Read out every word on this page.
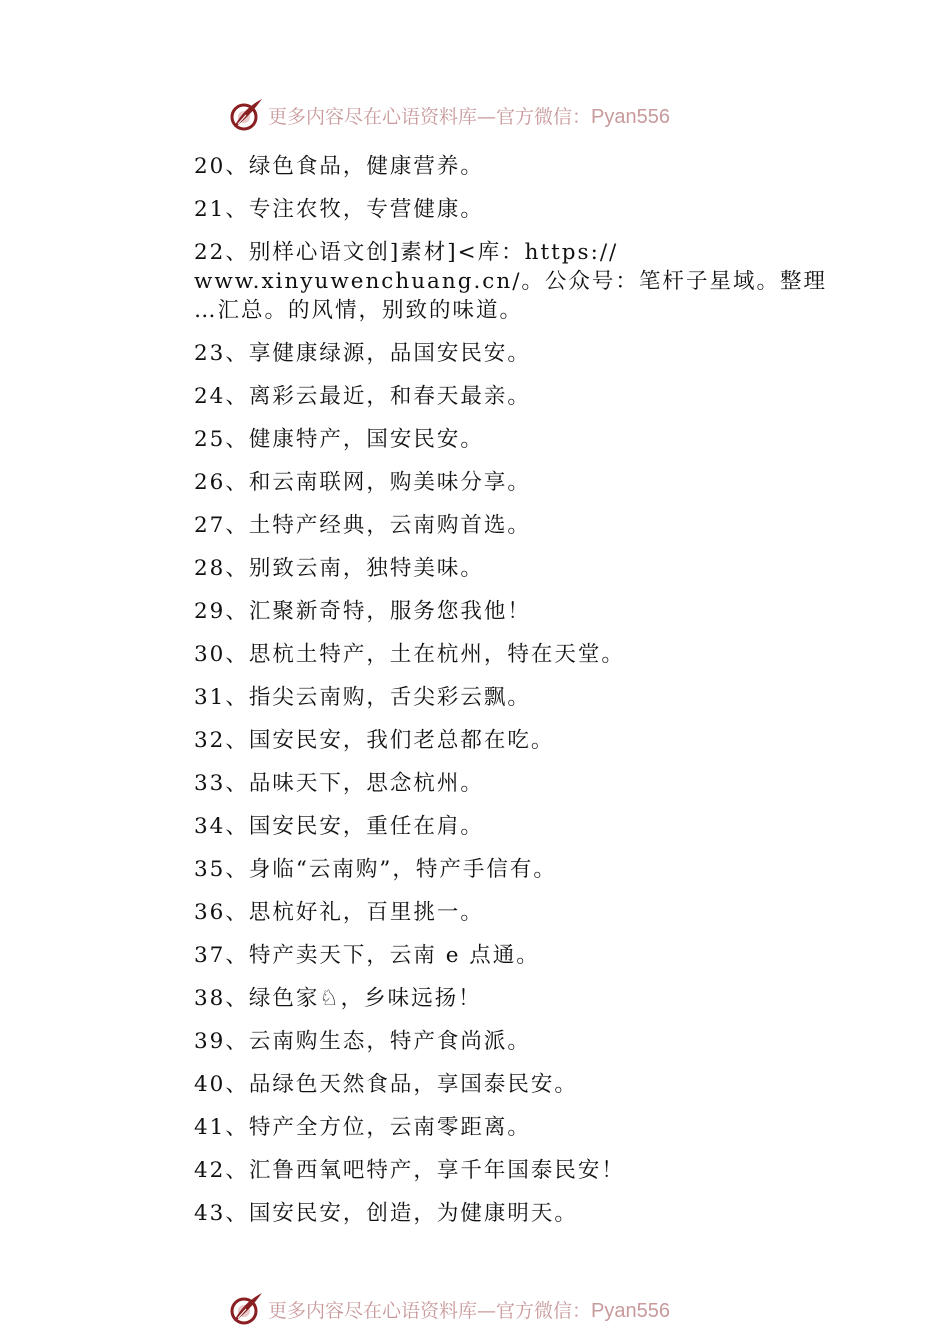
更多内容尽在心语资料库—官方微信：Pyan556
20、绿色食品，健康营养。
21、专注农牧，专营健康。
22、别样心语文创]素材]<库：https://
www.xinyuwenchuang.cn/。公众号：笔杆子星域。整理
…汇总。的风情，别致的味道。
23、享健康绿源，品国安民安。
24、离彩云最近，和春天最亲。
25、健康特产，国安民安。
26、和云南联网，购美味分享。
27、土特产经典，云南购首选。
28、别致云南，独特美味。
29、汇聚新奇特，服务您我他！
30、思杭土特产，土在杭州，特在天堂。
31、指尖云南购，舌尖彩云飘。
32、国安民安，我们老总都在吃。
33、品味天下，思念杭州。
34、国安民安，重任在肩。
35、身临“云南购”，特产手信有。
36、思杭好礼，百里挑一。
37、特产卖天下，云南 e 点通。
38、绿色家♘，乡味远扬！
39、云南购生态，特产食尚派。
40、品绿色天然食品，享国泰民安。
41、特产全方位，云南零距离。
42、汇鲁西氧吧特产，享千年国泰民安！
43、国安民安，创造，为健康明天。
更多内容尽在心语资料库—官方微信：Pyan556
